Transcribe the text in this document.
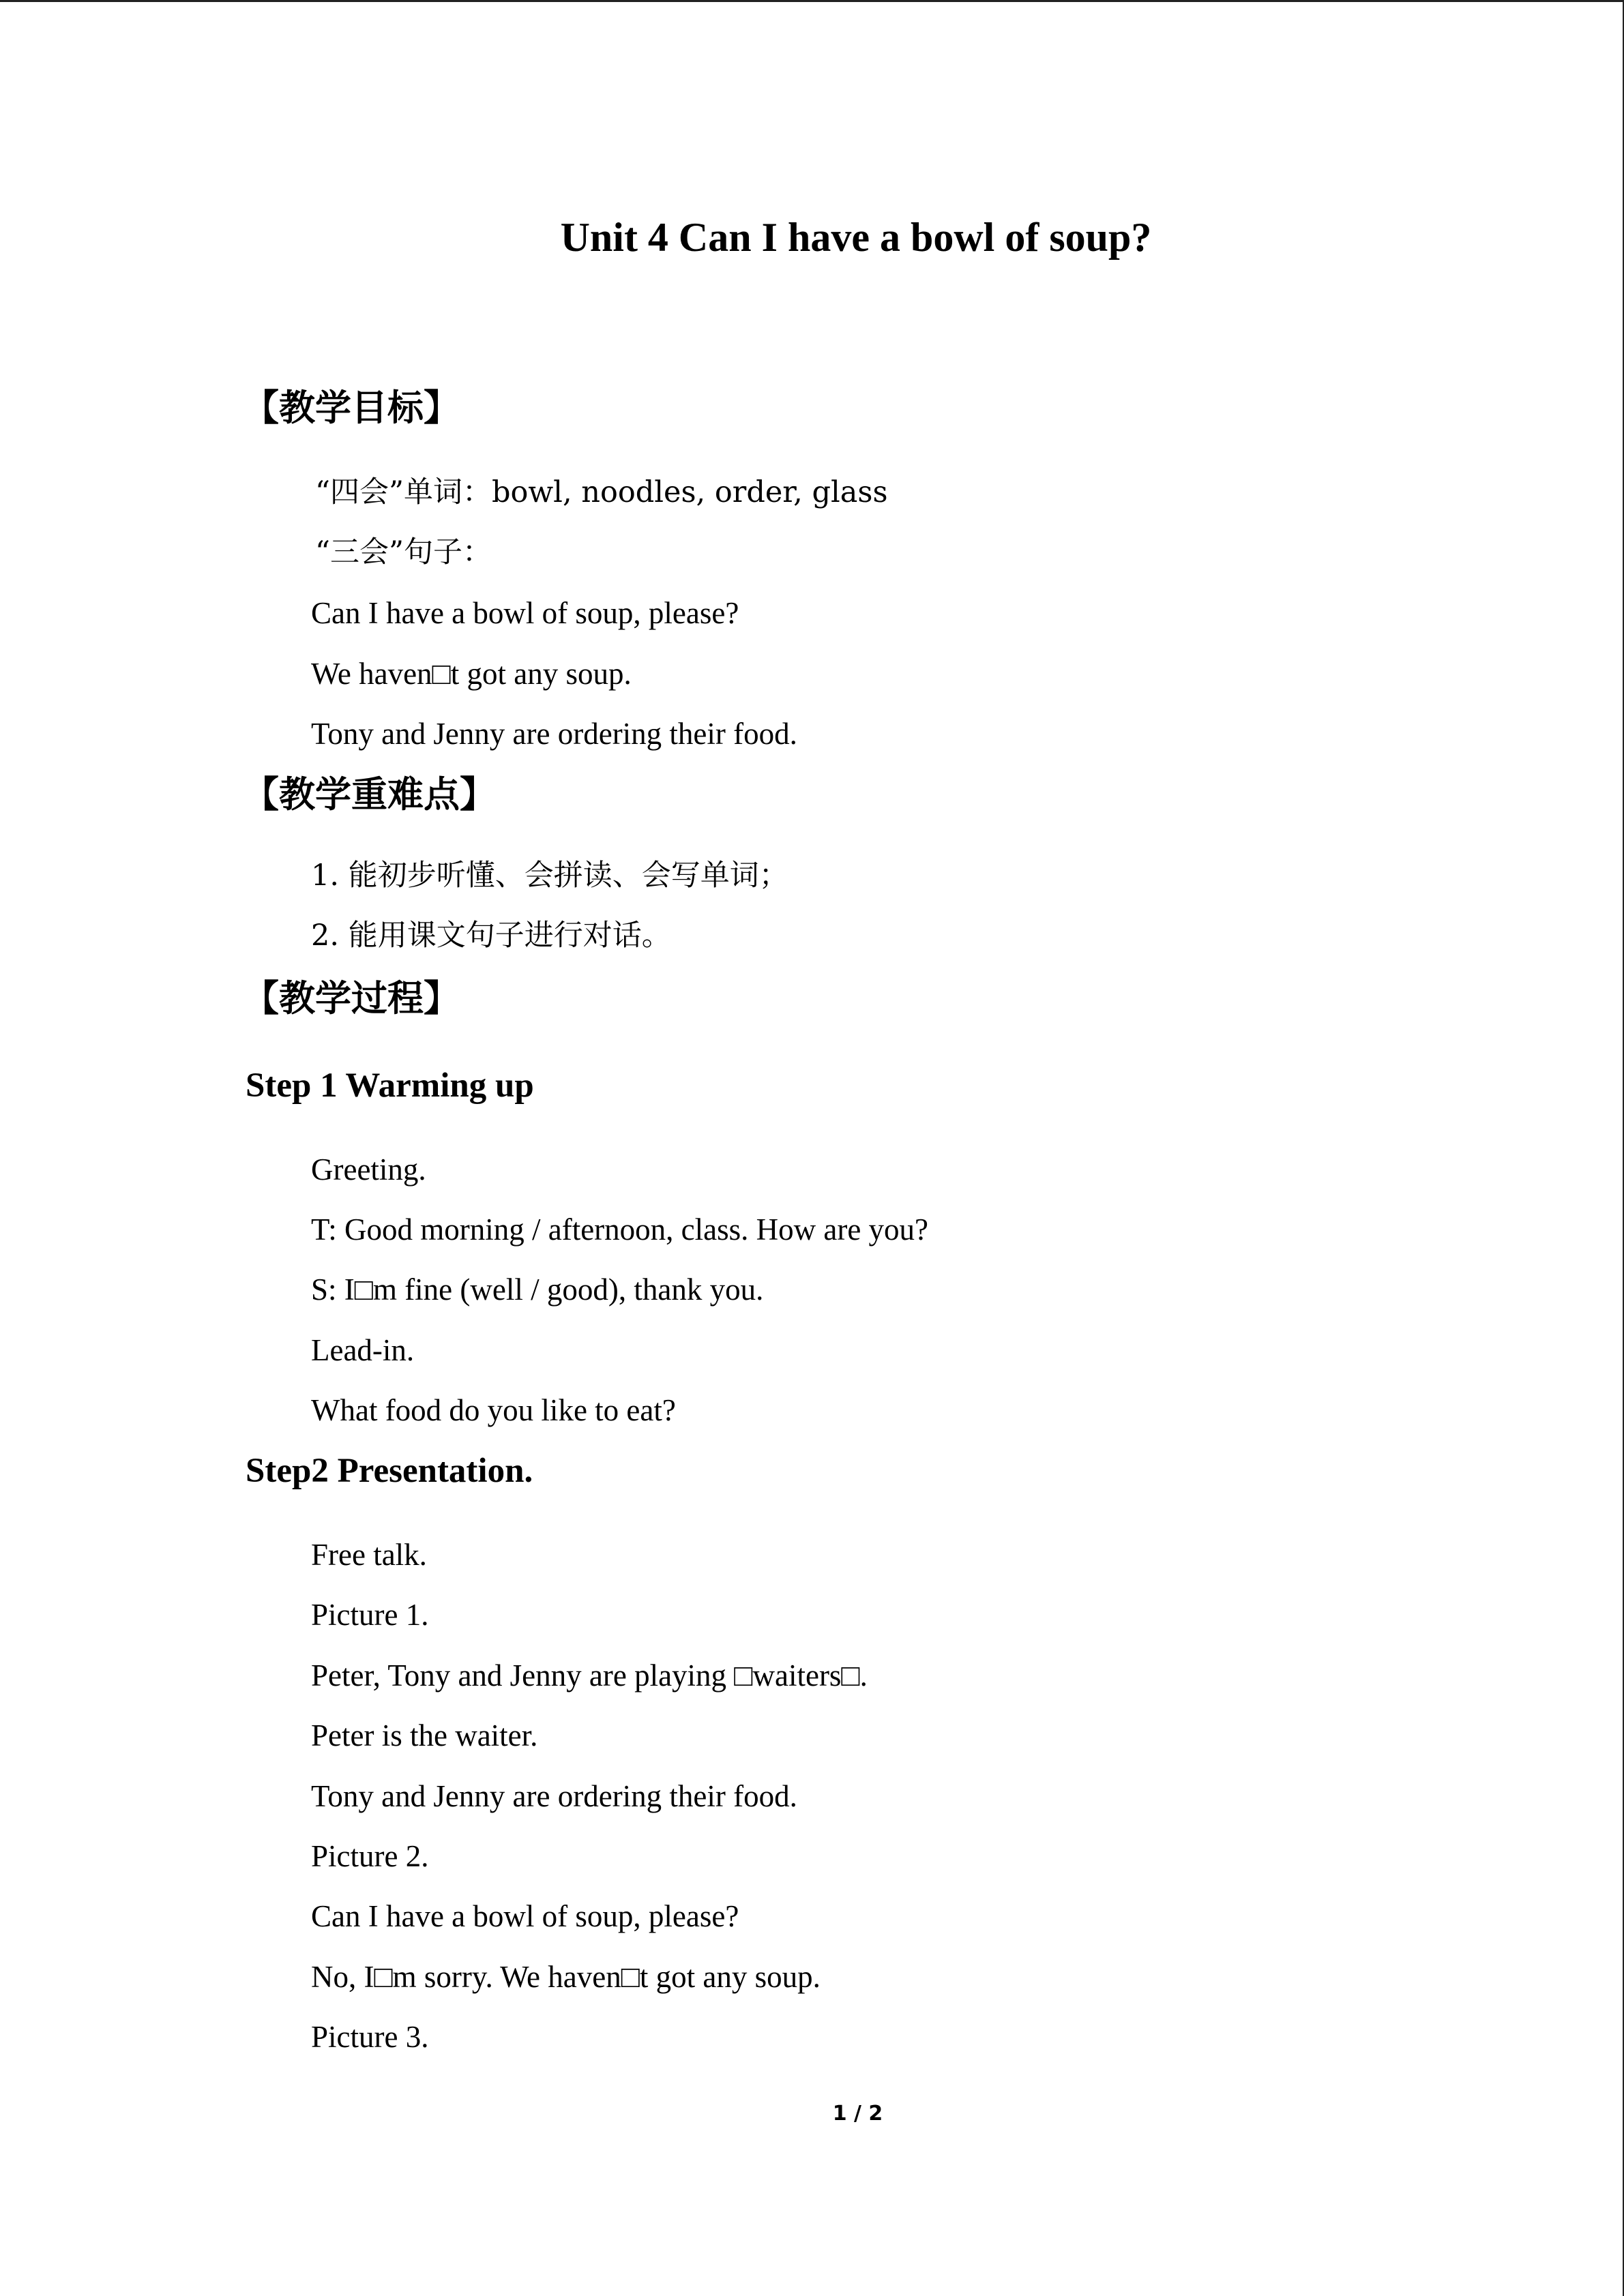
Unit 4 Can I have a bowl of soup?
【教学目标】
“四会”单词：bowl, noodles, order, glass
“三会”句子：
Can I have a bowl of soup, please?
We haven□t got any soup.
Tony and Jenny are ordering their food.
【教学重难点】
1. 能初步听懂、会拼读、会写单词；
2. 能用课文句子进行对话。
【教学过程】
Step 1 Warming up
Greeting.
T: Good morning / afternoon, class. How are you?
S: I□m fine (well / good), thank you.
Lead-in.
What food do you like to eat?
Step2 Presentation.
Free talk.
Picture 1.
Peter, Tony and Jenny are playing □waiters□.
Peter is the waiter.
Tony and Jenny are ordering their food.
Picture 2.
Can I have a bowl of soup, please?
No, I□m sorry. We haven□t got any soup.
Picture 3.
1 / 2
